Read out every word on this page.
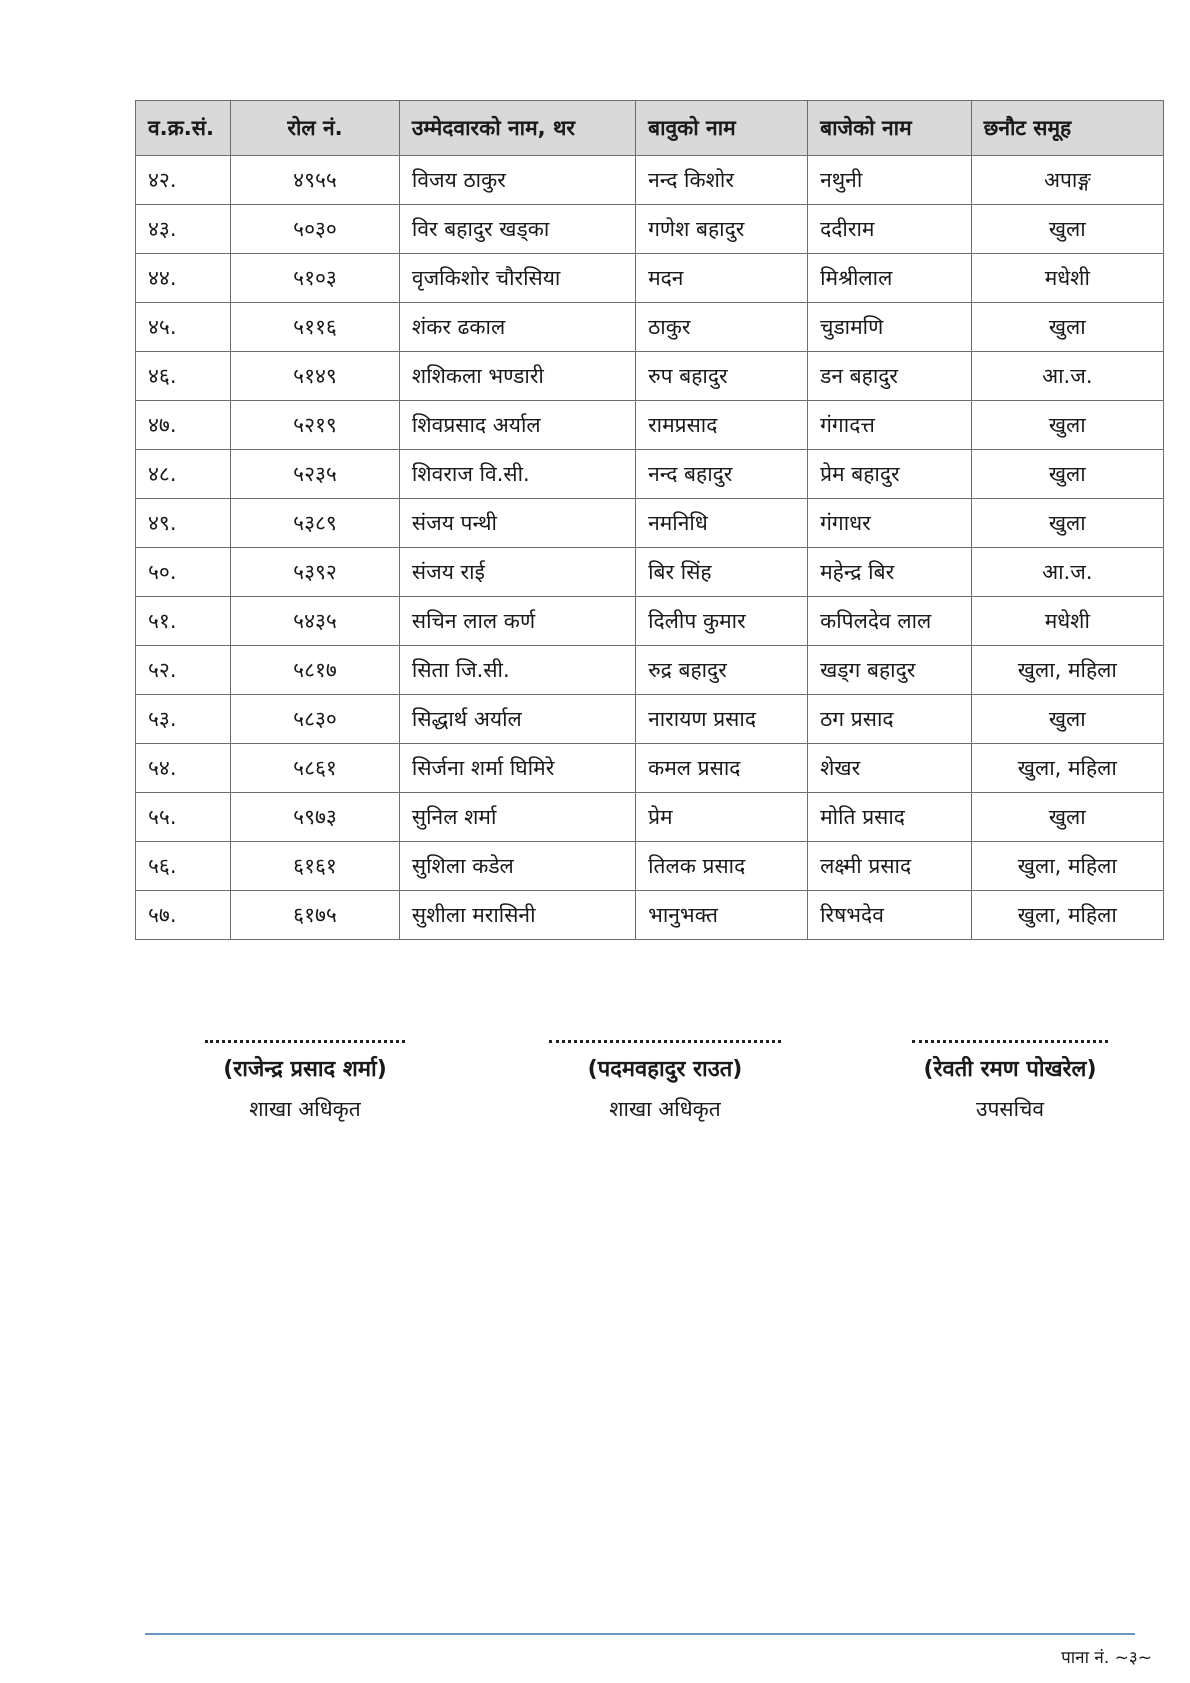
व.क्र.सं.	रोल नं.	उम्मेदवारको नाम, थर	बावुको नाम	बाजेको नाम	छनौट समूह
४२.	४९५५	विजय ठाकुर	नन्द किशोर	नथुनी	अपाङ्ग
४३.	५०३०	विर बहादुर खड्का	गणेश बहादुर	ददीराम	खुला
४४.	५१०३	वृजकिशोर चौरसिया	मदन	मिश्रीलाल	मधेशी
४५.	५११६	शंकर ढकाल	ठाकुर	चुडामणि	खुला
४६.	५१४९	शशिकला भण्डारी	रुप बहादुर	डन बहादुर	आ.ज.
४७.	५२१९	शिवप्रसाद अर्याल	रामप्रसाद	गंगादत्त	खुला
४८.	५२३५	शिवराज वि.सी.	नन्द बहादुर	प्रेम बहादुर	खुला
४९.	५३८९	संजय पन्थी	नमनिधि	गंगाधर	खुला
५०.	५३९२	संजय राई	बिर सिंह	महेन्द्र बिर	आ.ज.
५१.	५४३५	सचिन लाल कर्ण	दिलीप कुमार	कपिलदेव लाल	मधेशी
५२.	५८१७	सिता जि.सी.	रुद्र बहादुर	खड्ग बहादुर	खुला, महिला
५३.	५८३०	सिद्धार्थ अर्याल	नारायण प्रसाद	ठग प्रसाद	खुला
५४.	५८६१	सिर्जना शर्मा घिमिरे	कमल प्रसाद	शेखर	खुला, महिला
५५.	५९७३	सुनिल शर्मा	प्रेम	मोति प्रसाद	खुला
५६.	६१६१	सुशिला कडेल	तिलक प्रसाद	लक्ष्मी प्रसाद	खुला, महिला
५७.	६१७५	सुशीला मरासिनी	भानुभक्त	रिषभदेव	खुला, महिला
(राजेन्द्र प्रसाद शर्मा)
शाखा अधिकृत
(पदमवहादुर राउत)
शाखा अधिकृत
(रेवती रमण पोखरेल)
उपसचिव
पाना नं. ~३~
